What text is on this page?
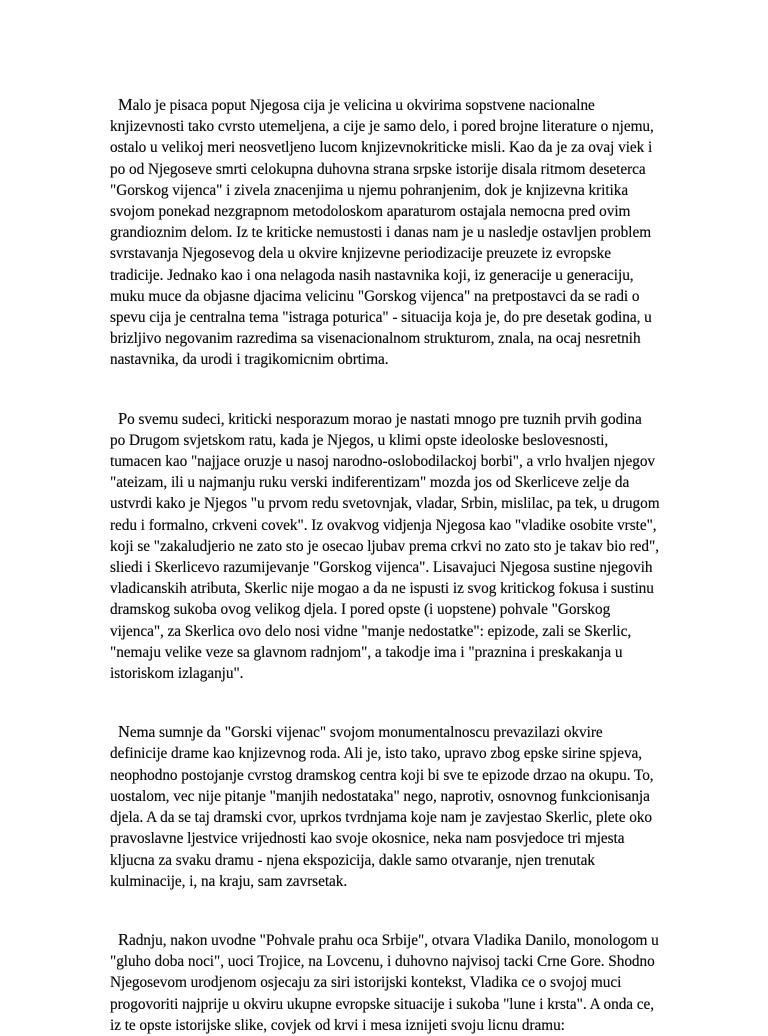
Malo je pisaca poput Njegosa cija je velicina u okvirima sopstvene nacionalne knjizevnosti tako cvrsto utemeljena, a cije je samo delo, i pored brojne literature o njemu, ostalo u velikoj meri neosvetljeno lucom knjizevnokriticke misli. Kao da je za ovaj viek i po od Njegoseve smrti celokupna duhovna strana srpske istorije disala ritmom deseterca "Gorskog vijenca" i zivela znacenjima u njemu pohranjenim, dok je knjizevna kritika svojom ponekad nezgrapnom metodoloskom aparaturom ostajala nemocna pred ovim grandioznim delom. Iz te kriticke nemustosti i danas nam je u nasledje ostavljen problem svrstavanja Njegosevog dela u okvire knjizevne periodizacije preuzete iz evropske tradicije. Jednako kao i ona nelagoda nasih nastavnika koji, iz generacije u generaciju, muku muce da objasne djacima velicinu "Gorskog vijenca" na pretpostavci da se radi o spevu cija je centralna tema "istraga poturica" - situacija koja je, do pre desetak godina, u brizljivo negovanim razredima sa visenacionalnom strukturom, znala, na ocaj nesretnih nastavnika, da urodi i tragikomicnim obrtima.

Po svemu sudeci, kriticki nesporazum morao je nastati mnogo pre tuznih prvih godina po Drugom svjetskom ratu, kada je Njegos, u klimi opste ideoloske beslovesnosti, tumacen kao "najjace oruzje u nasoj narodno-oslobodilackoj borbi", a vrlo hvaljen njegov "ateizam, ili u najmanju ruku verski indiferentizam" mozda jos od Skerliceve zelje da ustvrdi kako je Njegos "u prvom redu svetovnjak, vladar, Srbin, mislilac, pa tek, u drugom redu i formalno, crkveni covek". Iz ovakvog vidjenja Njegosa kao "vladike osobite vrste", koji se "zakaludjerio ne zato sto je osecao ljubav prema crkvi no zato sto je takav bio red", sliedi i Skerlicevo razumijevanje "Gorskog vijenca". Lisavajuci Njegosa sustine njegovih vladicanskih atributa, Skerlic nije mogao a da ne ispusti iz svog kritickog fokusa i sustinu dramskog sukoba ovog velikog djela. I pored opste (i uopstene) pohvale "Gorskog vijenca", za Skerlica ovo delo nosi vidne "manje nedostatke": epizode, zali se Skerlic, "nemaju velike veze sa glavnom radnjom", a takodje ima i "praznina i preskakanja u istoriskom izlaganju".

Nema sumnje da "Gorski vijenac" svojom monumentalnoscu prevazilazi okvire definicije drame kao knjizevnog roda. Ali je, isto tako, upravo zbog epske sirine spjeva, neophodno postojanje cvrstog dramskog centra koji bi sve te epizode drzao na okupu. To, uostalom, vec nije pitanje "manjih nedostataka" nego, naprotiv, osnovnog funkcionisanja djela. A da se taj dramski cvor, uprkos tvrdnjama koje nam je zavjestao Skerlic, plete oko pravoslavne ljestvice vrijednosti kao svoje okosnice, neka nam posvjedoce tri mjesta kljucna za svaku dramu - njena ekspozicija, dakle samo otvaranje, njen trenutak kulminacije, i, na kraju, sam zavrsetak.

Radnju, nakon uvodne "Pohvale prahu oca Srbije", otvara Vladika Danilo, monologom u "gluho doba noci", uoci Trojice, na Lovcenu, i duhovno najvisoj tacki Crne Gore. Shodno Njegosevom urodjenom osjecaju za siri istorijski kontekst, Vladika ce o svojoj muci progovoriti najprije u okviru ukupne evropske situacije i sukoba "lune i krsta". A onda ce, iz te opste istorijske slike, covjek od krvi i mesa iznijeti svoju licnu dramu:
